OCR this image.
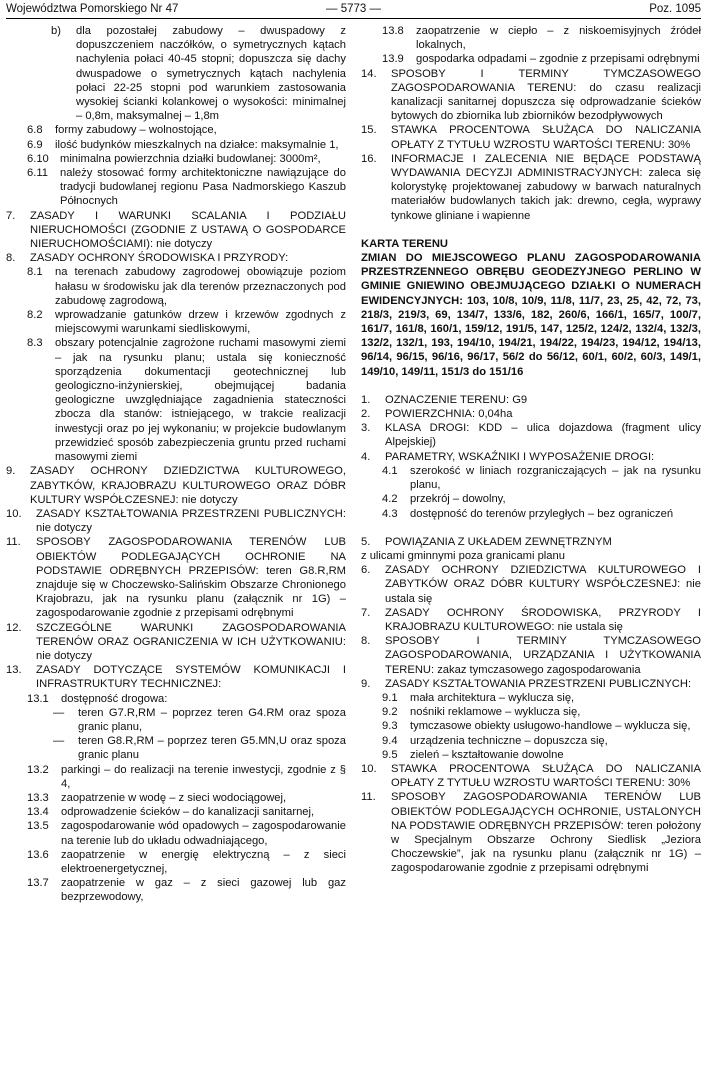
Województwa Pomorskiego Nr 47	— 5773 —	Poz. 1095
b)	dla pozostałej zabudowy – dwuspadowy z dopuszczeniem naczółków, o symetrycznych kątach nachylenia połaci 40-45 stopni; dopuszcza się dachy dwuspadowe o symetrycznych kątach nachylenia połaci 22-25 stopni pod warunkiem zastosowania wysokiej ścianki kolankowej o wysokości: minimalnej – 0,8m, maksymalnej – 1,8m
6.8	formy zabudowy – wolnostojące,
6.9	ilość budynków mieszkalnych na działce: maksymalnie 1,
6.10	minimalna powierzchnia działki budowlanej: 3000m²,
6.11	należy stosować formy architektoniczne nawiązujące do tradycji budowlanej regionu Pasa Nadmorskiego Kaszub Północnych
7.	ZASADY I WARUNKI SCALANIA I PODZIAŁU NIERUCHOMOŚCI (ZGODNIE Z USTAWĄ O GOSPODARCE NIERUCHOMOŚCIAMI): nie dotyczy
8.	ZASADY OCHRONY ŚRODOWISKA I PRZYRODY:
8.1	na terenach zabudowy zagrodowej obowiązuje poziom hałasu w środowisku jak dla terenów przeznaczonych pod zabudowę zagrodową,
8.2	wprowadzanie gatunków drzew i krzewów zgodnych z miejscowymi warunkami siedliskowymi,
8.3	obszary potencjalnie zagrożone ruchami masowymi ziemi – jak na rysunku planu; ustala się konieczność sporządzenia dokumentacji geotechnicznej lub geologiczno-inżynierskiej, obejmującej badania geologiczne uwzględniające zagadnienia stateczności zbocza dla stanów: istniejącego, w trakcie realizacji inwestycji oraz po jej wykonaniu; w projekcie budowlanym przewidzieć sposób zabezpieczenia gruntu przed ruchami masowymi ziemi
9.	ZASADY OCHRONY DZIEDZICTWA KULTUROWEGO, ZABYTKÓW, KRAJOBRAZU KULTUROWEGO ORAZ DÓBR KULTURY WSPÓŁCZESNEJ: nie dotyczy
10.	ZASADY KSZTAŁTOWANIA PRZESTRZENI PUBLICZNYCH: nie dotyczy
11.	SPOSOBY ZAGOSPODAROWANIA TERENÓW LUB OBIEKTÓW PODLEGAJĄCYCH OCHRONIE NA PODSTAWIE ODRĘBNYCH PRZEPISÓW: teren G8.R,RM znajduje się w Choczewsko-Salińskim Obszarze Chronionego Krajobrazu, jak na rysunku planu (załącznik nr 1G) – zagospodarowanie zgodnie z przepisami odrębnymi
12.	SZCZEGÓLNE WARUNKI ZAGOSPODAROWANIA TERENÓW ORAZ OGRANICZENIA W ICH UŻYTKOWANIU: nie dotyczy
13.	ZASADY DOTYCZĄCE SYSTEMÓW KOMUNIKACJI I INFRASTRUKTURY TECHNICZNEJ:
13.1	dostępność drogowa:
—	teren G7.R,RM – poprzez teren G4.RM oraz spoza granic planu,
—	teren G8.R,RM – poprzez teren G5.MN,U oraz spoza granic planu
13.2	parkingi – do realizacji na terenie inwestycji, zgodnie z § 4,
13.3	zaopatrzenie w wodę – z sieci wodociągowej,
13.4	odprowadzenie ścieków – do kanalizacji sanitarnej,
13.5	zagospodarowanie wód opadowych – zagospodarowanie na terenie lub do układu odwadniającego,
13.6	zaopatrzenie w energię elektryczną – z sieci elektroenergetycznej,
13.7	zaopatrzenie w gaz – z sieci gazowej lub gaz bezprzewodowy,
13.8	zaopatrzenie w ciepło – z niskoemisyjnych źródeł lokalnych,
13.9	gospodarka odpadami – zgodnie z przepisami odrębnymi
14.	SPOSOBY I TERMINY TYMCZASOWEGO ZAGOSPODAROWANIA TERENU: do czasu realizacji kanalizacji sanitarnej dopuszcza się odprowadzanie ścieków bytowych do zbiornika lub zbiorników bezodpływowych
15.	STAWKA PROCENTOWA SŁUŻĄCA DO NALICZANIA OPŁATY Z TYTUŁU WZROSTU WARTOŚCI TERENU: 30%
16.	INFORMACJE I ZALECENIA NIE BĘDĄCE PODSTAWĄ WYDAWANIA DECYZJI ADMINISTRACYJNYCH: zaleca się kolorystykę projektowanej zabudowy w barwach naturalnych materiałów budowlanych takich jak: drewno, cegła, wyprawy tynkowe gliniane i wapienne
KARTA TERENU
ZMIAN DO MIEJSCOWEGO PLANU ZAGOSPODAROWANIA PRZESTRZENNEGO OBRĘBU GEODEZYJNEGO PERLINO W GMINIE GNIEWINO OBEJMUJĄCEGO DZIAŁKI O NUMERACH EWIDENCYJNYCH: 103, 10/8, 10/9, 11/8, 11/7, 23, 25, 42, 72, 73, 218/3, 219/3, 69, 134/7, 133/6, 182, 260/6, 166/1, 165/7, 100/7, 161/7, 161/8, 160/1, 159/12, 191/5, 147, 125/2, 124/2, 132/4, 132/3, 132/2, 132/1, 193, 194/10, 194/21, 194/22, 194/23, 194/12, 194/13, 96/14, 96/15, 96/16, 96/17, 56/2 do 56/12, 60/1, 60/2, 60/3, 149/1, 149/10, 149/11, 151/3 do 151/16
1.	OZNACZENIE TERENU: G9
2.	POWIERZCHNIA: 0,04ha
3.	KLASA DROGI: KDD – ulica dojazdowa (fragment ulicy Alpejskiej)
4.	PARAMETRY, WSKAŹNIKI I WYPOSAŻENIE DROGI:
4.1	szerokość w liniach rozgraniczających – jak na rysunku planu,
4.2	przekrój – dowolny,
4.3	dostępność do terenów przyległych – bez ograniczeń
5.	POWIĄZANIA Z UKŁADEM ZEWNĘTRZNYM
z ulicami gminnymi poza granicami planu
6.	ZASADY OCHRONY DZIEDZICTWA KULTUROWEGO I ZABYTKÓW ORAZ DÓBR KULTURY WSPÓŁCZESNEJ: nie ustala się
7.	ZASADY OCHRONY ŚRODOWISKA, PRZYRODY I KRAJOBRAZU KULTUROWEGO: nie ustala się
8.	SPOSOBY I TERMINY TYMCZASOWEGO ZAGOSPODAROWANIA, URZĄDZANIA I UŻYTKOWANIA TERENU: zakaz tymczasowego zagospodarowania
9.	ZASADY KSZTAŁTOWANIA PRZESTRZENI PUBLICZNYCH:
9.1	mała architektura – wyklucza się,
9.2	nośniki reklamowe – wyklucza się,
9.3	tymczasowe obiekty usługowo-handlowe – wyklucza się,
9.4	urządzenia techniczne – dopuszcza się,
9.5	zieleń – kształtowanie dowolne
10.	STAWKA PROCENTOWA SŁUŻĄCA DO NALICZANIA OPŁATY Z TYTUŁU WZROSTU WARTOŚCI TERENU: 30%
11.	SPOSOBY ZAGOSPODAROWANIA TERENÓW LUB OBIEKTÓW PODLEGAJĄCYCH OCHRONIE, USTALONYCH NA PODSTAWIE ODRĘBNYCH PRZEPISÓW: teren położony w Specjalnym Obszarze Ochrony Siedlisk „Jeziora Choczewskie”, jak na rysunku planu (załącznik nr 1G) – zagospodarowanie zgodnie z przepisami odrębnymi
